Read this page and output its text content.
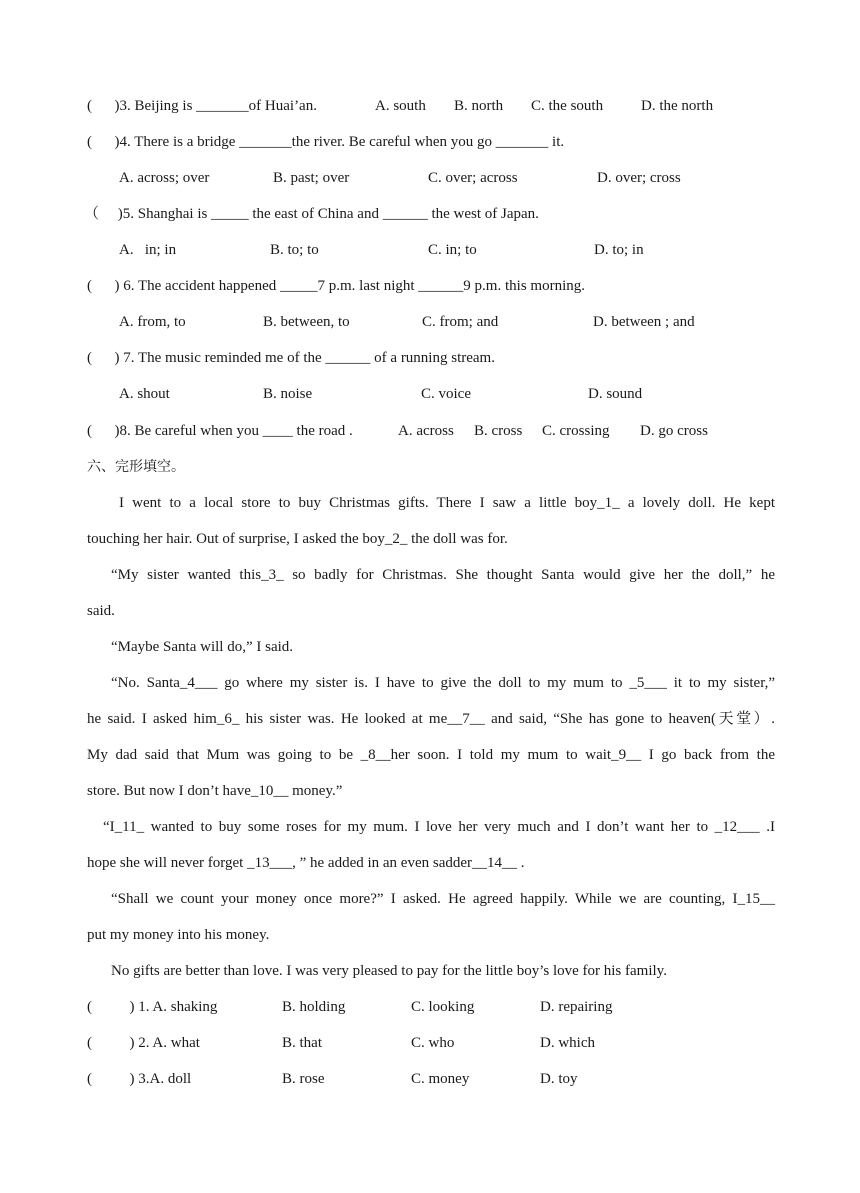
(      )3. Beijing is _______of Huai’an.	A. south B. north C. the south	D. the north
(      )4. There is a bridge _______the river. Be careful when you go _______ it.
A. across; over	B. past; over	C. over; across	D. over; cross
（     )5. Shanghai is _____ the east of China and ______ the west of Japan.
A.   in; in	B. to; to	C. in; to	D. to; in
(      ) 6. The accident happened _____7 p.m. last night ______9 p.m. this morning.
A. from, to	B. between, to	C. from; and	D. between ; and
(      ) 7. The music reminded me of the ______ of a running stream.
A. shout	B. noise	C. voice	D. sound
(      )8. Be careful when you ____ the road .	A. across B. cross C. crossing D. go cross
六、完形填空。
I went to a local store to buy Christmas gifts. There I saw a little boy_1_ a lovely doll. He kept
touching her hair. Out of surprise, I asked the boy_2_ the doll was for.
“My sister wanted this_3_ so badly for Christmas. She thought Santa would give her the doll,” he
said.
“Maybe Santa will do,” I said.
“No. Santa_4___ go where my sister is. I have to give the doll to my mum to _5___ it to my sister,”
he said. I asked him_6_ his sister was. He looked at me__7__ and said, “She has gone to heaven(天堂）.
My dad said that Mum was going to be _8__her soon. I told my mum to wait_9__ I go back from the
store. But now I don’t have_10__ money.”
“I_11_ wanted to buy some roses for my mum. I love her very much and I don’t want her to _12___ .I
hope she will never forget _13___, ” he added in an even sadder__14__ .
“Shall we count your money once more?” I asked. He agreed happily. While we are counting, I_15__
put my money into his money.
No gifts are better than love. I was very pleased to pay for the little boy’s love for his family.
(          ) 1. A. shaking	B. holding	C. looking	D. repairing
(          ) 2. A. what	B. that	C. who	D. which
(          ) 3.A. doll	B. rose	C. money	D. toy
